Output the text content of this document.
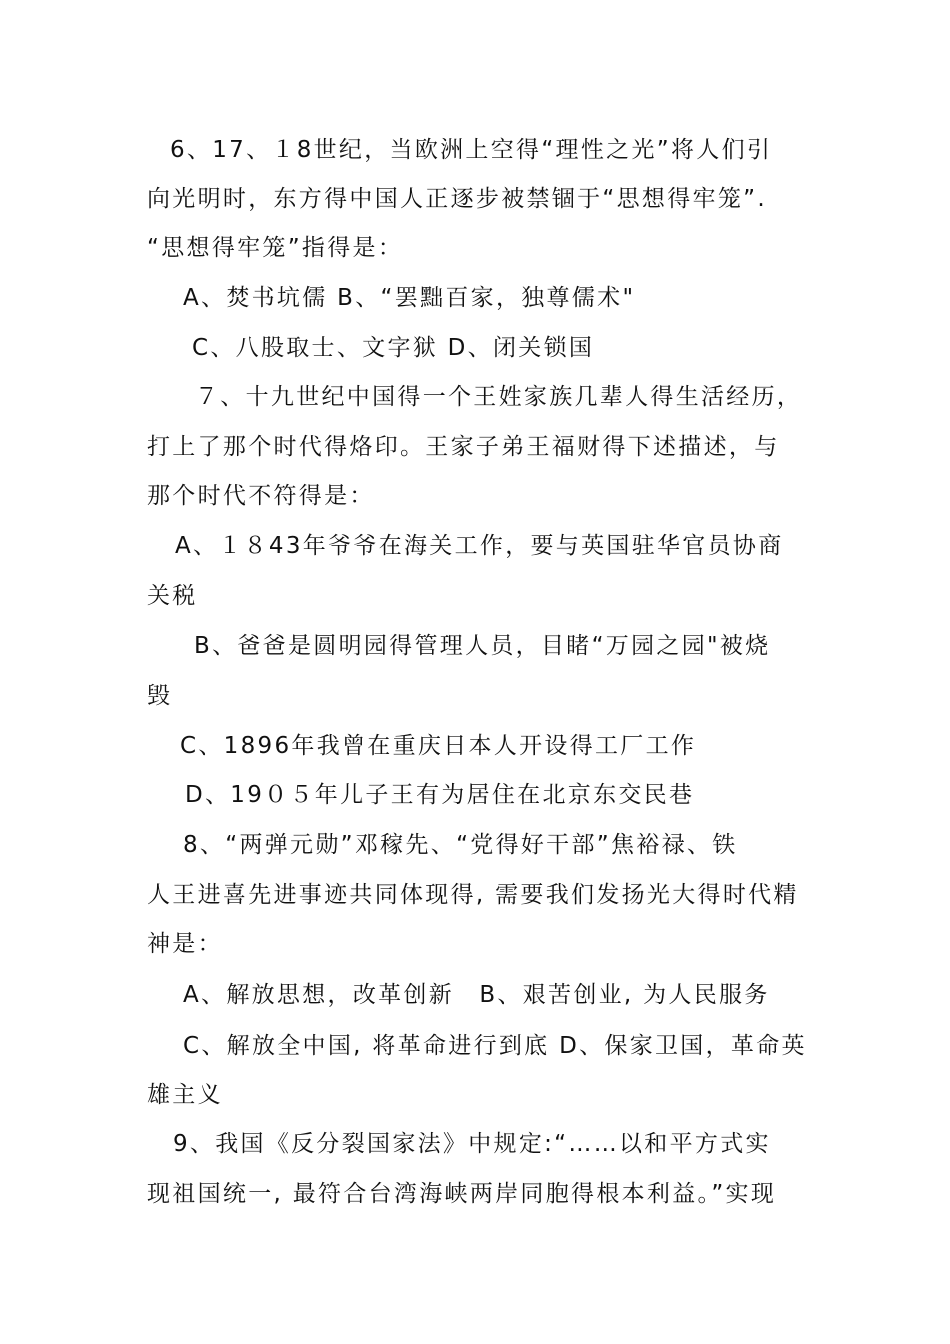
6、17、１8世纪，当欧洲上空得“理性之光”将人们引
向光明时，东方得中国人正逐步被禁锢于“思想得牢笼”.
“思想得牢笼”指得是：
A、焚书坑儒 B、“罢黜百家，独尊儒术"
C、八股取士、文字狱 D、闭关锁国
７、十九世纪中国得一个王姓家族几辈人得生活经历，
打上了那个时代得烙印。王家子弟王福财得下述描述，与
那个时代不符得是：
A、１８43年爷爷在海关工作，要与英国驻华官员协商
关税
B、爸爸是圆明园得管理人员，目睹“万园之园"被烧
毁
C、1896年我曾在重庆日本人开设得工厂工作
D、19０５年儿子王有为居住在北京东交民巷
8、“两弹元勋”邓稼先、“党得好干部”焦裕禄、铁
人王进喜先进事迹共同体现得, 需要我们发扬光大得时代精
神是：
A、解放思想，改革创新　B、艰苦创业, 为人民服务
C、解放全中国, 将革命进行到底 D、保家卫国，革命英
雄主义
9、我国《反分裂国家法》中规定:“……以和平方式实
现祖国统一, 最符合台湾海峡两岸同胞得根本利益。”实现
